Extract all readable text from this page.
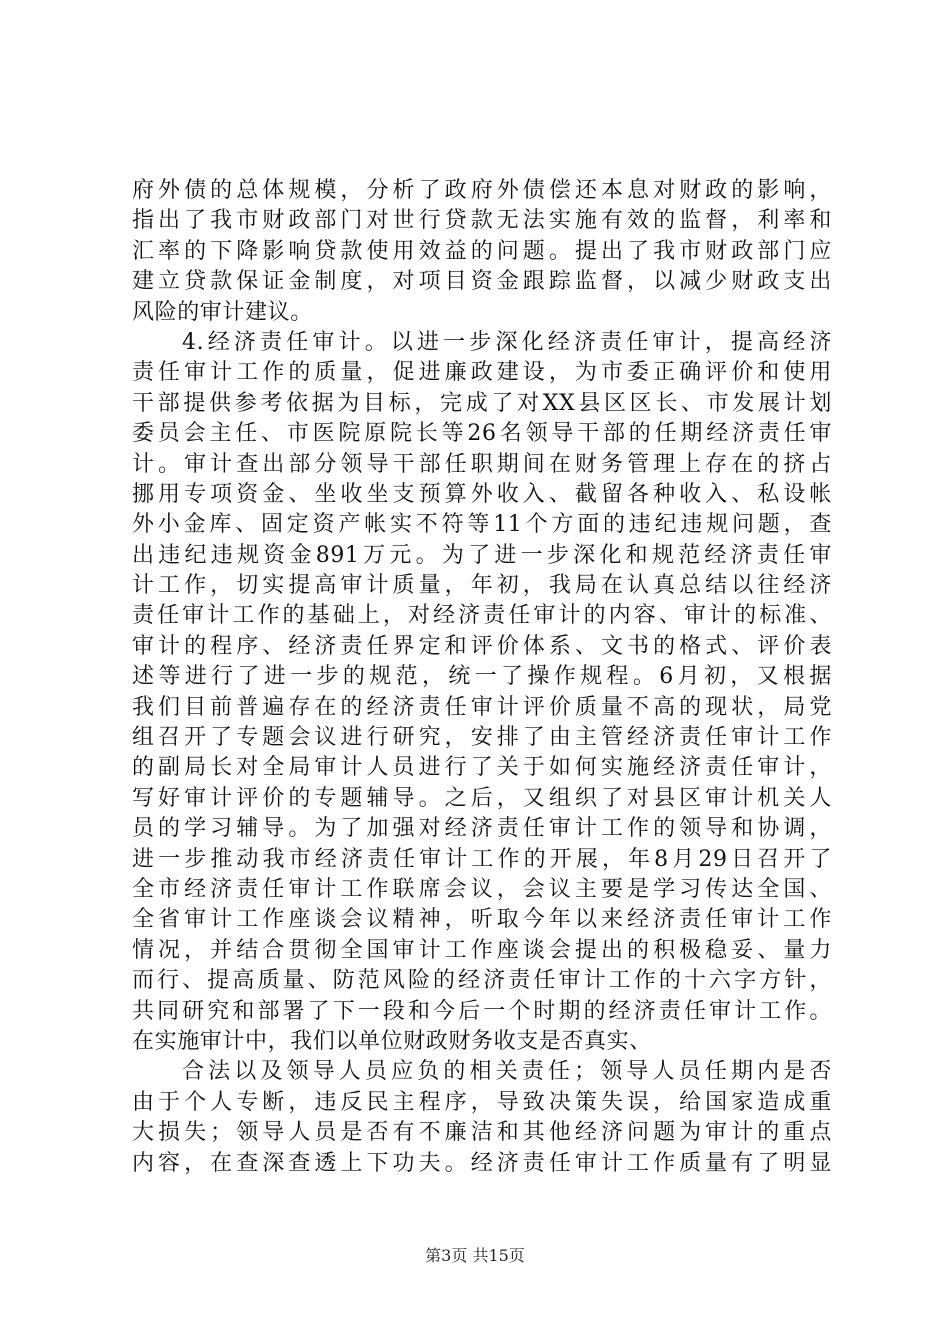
府外债的总体规模，分析了政府外债偿还本息对财政的影响，
指出了我市财政部门对世行贷款无法实施有效的监督，利率和
汇率的下降影响贷款使用效益的问题。提出了我市财政部门应
建立贷款保证金制度，对项目资金跟踪监督，以减少财政支出
风险的审计建议。
4.经济责任审计。以进一步深化经济责任审计，提高经济
责任审计工作的质量，促进廉政建设，为市委正确评价和使用
干部提供参考依据为目标，完成了对XX县区区长、市发展计划
委员会主任、市医院原院长等26名领导干部的任期经济责任审
计。审计查出部分领导干部任职期间在财务管理上存在的挤占
挪用专项资金、坐收坐支预算外收入、截留各种收入、私设帐
外小金库、固定资产帐实不符等11个方面的违纪违规问题，查
出违纪违规资金891万元。为了进一步深化和规范经济责任审
计工作，切实提高审计质量，年初，我局在认真总结以往经济
责任审计工作的基础上，对经济责任审计的内容、审计的标准、
审计的程序、经济责任界定和评价体系、文书的格式、评价表
述等进行了进一步的规范，统一了操作规程。6月初，又根据
我们目前普遍存在的经济责任审计评价质量不高的现状，局党
组召开了专题会议进行研究，安排了由主管经济责任审计工作
的副局长对全局审计人员进行了关于如何实施经济责任审计，
写好审计评价的专题辅导。之后，又组织了对县区审计机关人
员的学习辅导。为了加强对经济责任审计工作的领导和协调，
进一步推动我市经济责任审计工作的开展，年8月29日召开了
全市经济责任审计工作联席会议，会议主要是学习传达全国、
全省审计工作座谈会议精神，听取今年以来经济责任审计工作
情况，并结合贯彻全国审计工作座谈会提出的积极稳妥、量力
而行、提高质量、防范风险的经济责任审计工作的十六字方针，
共同研究和部署了下一段和今后一个时期的经济责任审计工作。
在实施审计中，我们以单位财政财务收支是否真实、
合法以及领导人员应负的相关责任；领导人员任期内是否
由于个人专断，违反民主程序，导致决策失误，给国家造成重
大损失；领导人员是否有不廉洁和其他经济问题为审计的重点
内容，在查深查透上下功夫。经济责任审计工作质量有了明显
第3页 共15页
